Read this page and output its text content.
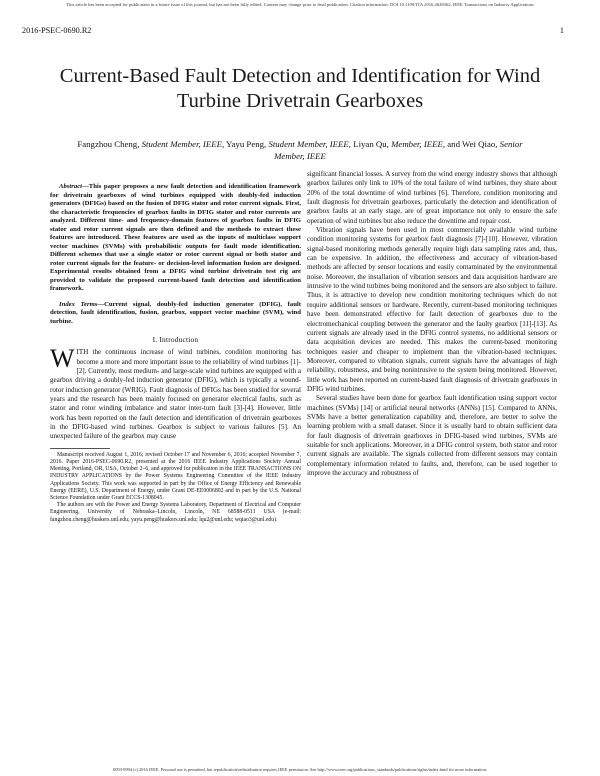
This article has been accepted for publication in a future issue of this journal, but has not been fully edited. Content may change prior to final publication. Citation information: DOI 10.1109/TIA.2016.2628362, IEEE Transactions on Industry Applications
2016-PSEC-0690.R2	1
Current-Based Fault Detection and Identification for Wind Turbine Drivetrain Gearboxes
Fangzhou Cheng, Student Member, IEEE, Yayu Peng, Student Member, IEEE, Liyan Qu, Member, IEEE, and Wei Qiao, Senior Member, IEEE

Abstract—This paper proposes a new fault detection and identification framework for drivetrain gearboxes of wind turbines equipped with doubly-fed induction generators (DFIGs) based on the fusion of DFIG stator and rotor current signals. First, the characteristic frequencies of gearbox faults in DFIG stator and rotor currents are analyzed. Different time- and frequency-domain features of gearbox faults in DFIG stator and rotor current signals are then defined and the methods to extract these features are introduced. These features are used as the inputs of multiclass support vector machines (SVMs) with probabilistic outputs for fault mode identification. Different schemes that use a single stator or rotor current signal or both stator and rotor current signals for the feature- or decision-level information fusion are designed. Experimental results obtained from a DFIG wind turbine drivetrain test rig are provided to validate the proposed current-based fault detection and identification framework.

Index Terms—Current signal, doubly-fed induction generator (DFIG), fault detection, fault identification, fusion, gearbox, support vector machine (SVM), wind turbine.

I. Introduction

WITH the continuous increase of wind turbines, condition monitoring has become a more and more important issue to the reliability of wind turbines [1]-[2]. Currently, most medium- and large-scale wind turbines are equipped with a gearbox driving a doubly-fed induction generator (DFIG), which is typically a wound-rotor induction generator (WRIG). Fault diagnosis of DFIGs has been studied for several years and the research has been mainly focused on generator electrical faults, such as stator and rotor winding imbalance and stator inter-turn fault [3]-[4]. However, little work has been reported on the fault detection and identification of drivetrain gearboxes in the DFIG-based wind turbines. Gearbox is subject to various failures [5]. An unexpected failure of the gearbox may cause

Manuscript received August 1, 2016; revised October 17 and November 6, 2016; accepted November 7, 2016. Paper 2016-PSEC-0690.R2, presented at the 2016 IEEE Industry Applications Society Annual Meeting, Portland, OR, USA, October 2–6, and approved for publication in the IEEE TRANSACTIONS ON INDUSTRY APPLICATIONS by the Power Systems Engineering Committee of the IEEE Industry Applications Society. This work was supported in part by the Office of Energy Efficiency and Renewable Energy (EERE), U.S. Department of Energy, under Grant DE-EE0006802 and in part by the U.S. National Science Foundation under Grant ECCS-1308045.

The authors are with the Power and Energy Systems Laboratory, Department of Electrical and Computer Engineering, University of Nebraska–Lincoln, Lincoln, NE 68588-0511 USA (e-mail: fangzhou.cheng@huskers.unl.edu; yayu.peng@huskers.unl.edu; lqu2@unl.edu; wqiao3@unl.edu).

significant financial losses. A survey from the wind energy industry shows that although gearbox failures only link to 10% of the total failure of wind turbines, they share about 20% of the total downtime of wind turbines [6]. Therefore, condition monitoring and fault diagnosis for drivetrain gearboxes, particularly the detection and identification of gearbox faults at an early stage, are of great importance not only to ensure the safe operation of wind turbines but also reduce the downtime and repair cost.

Vibration signals have been used in most commercially available wind turbine condition monitoring systems for gearbox fault diagnosis [7]-[10]. However, vibration signal-based monitoring methods generally require high data sampling rates and, thus, can be expensive. In addition, the effectiveness and accuracy of vibration-based methods are affected by sensor locations and easily contaminated by the environmental noise. Moreover, the installation of vibration sensors and data acquisition hardware are intrusive to the wind turbines being monitored and the sensors are also subject to failure. Thus, it is attractive to develop new condition monitoring techniques which do not require additional sensors or hardware. Recently, current-based monitoring techniques have been demonstrated effective for fault detection of gearboxes due to the electromechanical coupling between the generator and the faulty gearbox [11]-[13]. As current signals are already used in the DFIG control systems, no additional sensors or data acquisition devices are needed. This makes the current-based monitoring techniques easier and cheaper to implement than the vibration-based techniques. Moreover, compared to vibration signals, current signals have the advantages of high reliability, robustness, and being nonintrusive to the system being monitored. However, little work has been reported on current-based fault diagnosis of drivetrain gearboxes in DFIG wind turbines.

Several studies have been done for gearbox fault identification using support vector machines (SVMs) [14] or artificial neural networks (ANNs) [15]. Compared to ANNs, SVMs have a better generalization capability and, therefore, are better to solve the learning problem with a small dataset. Since it is usually hard to obtain sufficient data for fault diagnosis of drivetrain gearboxes in DFIG-based wind turbines, SVMs are suitable for such applications. Moreover, in a DFIG control system, both stator and rotor current signals are available. The signals collected from different sensors may contain complementary information related to faults, and, therefore, can be used together to improve the accuracy and robustness of

0093-9994 (c) 2016 IEEE. Personal use is permitted, but republication/redistribution requires IEEE permission. See http://www.ieee.org/publications_standards/publications/rights/index.html for more information.
